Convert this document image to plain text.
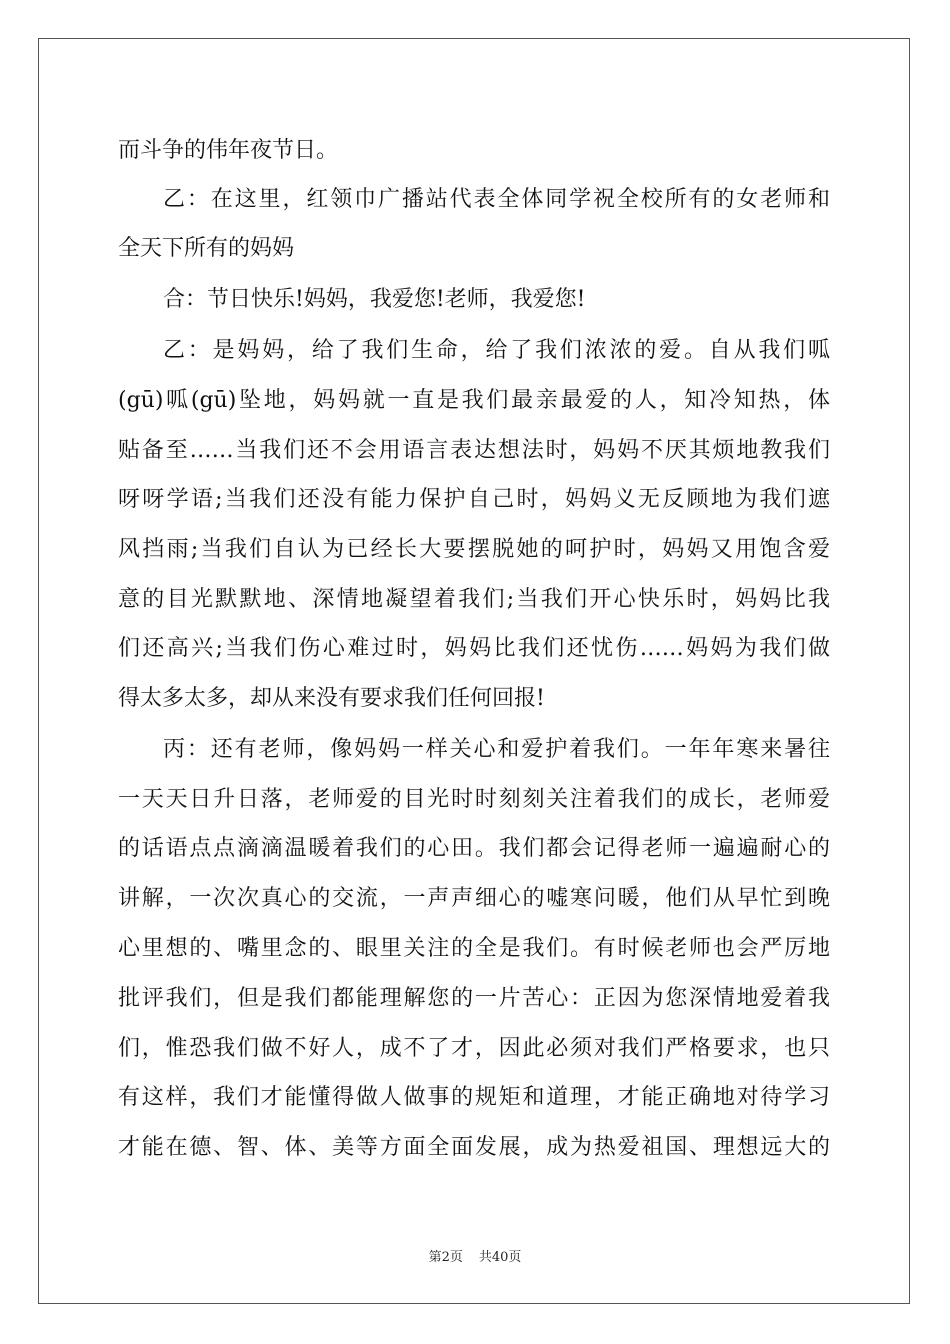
而斗争的伟年夜节日。
乙：在这里，红领巾广播站代表全体同学祝全校所有的女老师和
全天下所有的妈妈
合：节日快乐!妈妈，我爱您!老师，我爱您!
乙：是妈妈，给了我们生命，给了我们浓浓的爱。自从我们呱
(gū)呱(gū)坠地，妈妈就一直是我们最亲最爱的人，知冷知热，体
贴备至……当我们还不会用语言表达想法时，妈妈不厌其烦地教我们
呀呀学语;当我们还没有能力保护自己时，妈妈义无反顾地为我们遮
风挡雨;当我们自认为已经长大要摆脱她的呵护时，妈妈又用饱含爱
意的目光默默地、深情地凝望着我们;当我们开心快乐时，妈妈比我
们还高兴;当我们伤心难过时，妈妈比我们还忧伤……妈妈为我们做
得太多太多，却从来没有要求我们任何回报!
丙：还有老师，像妈妈一样关心和爱护着我们。一年年寒来暑往
一天天日升日落，老师爱的目光时时刻刻关注着我们的成长，老师爱
的话语点点滴滴温暖着我们的心田。我们都会记得老师一遍遍耐心的
讲解，一次次真心的交流，一声声细心的嘘寒问暖，他们从早忙到晚
心里想的、嘴里念的、眼里关注的全是我们。有时候老师也会严厉地
批评我们，但是我们都能理解您的一片苦心：正因为您深情地爱着我
们，惟恐我们做不好人，成不了才，因此必须对我们严格要求，也只
有这样，我们才能懂得做人做事的规矩和道理，才能正确地对待学习
才能在德、智、体、美等方面全面发展，成为热爱祖国、理想远大的
第2页 共40页
